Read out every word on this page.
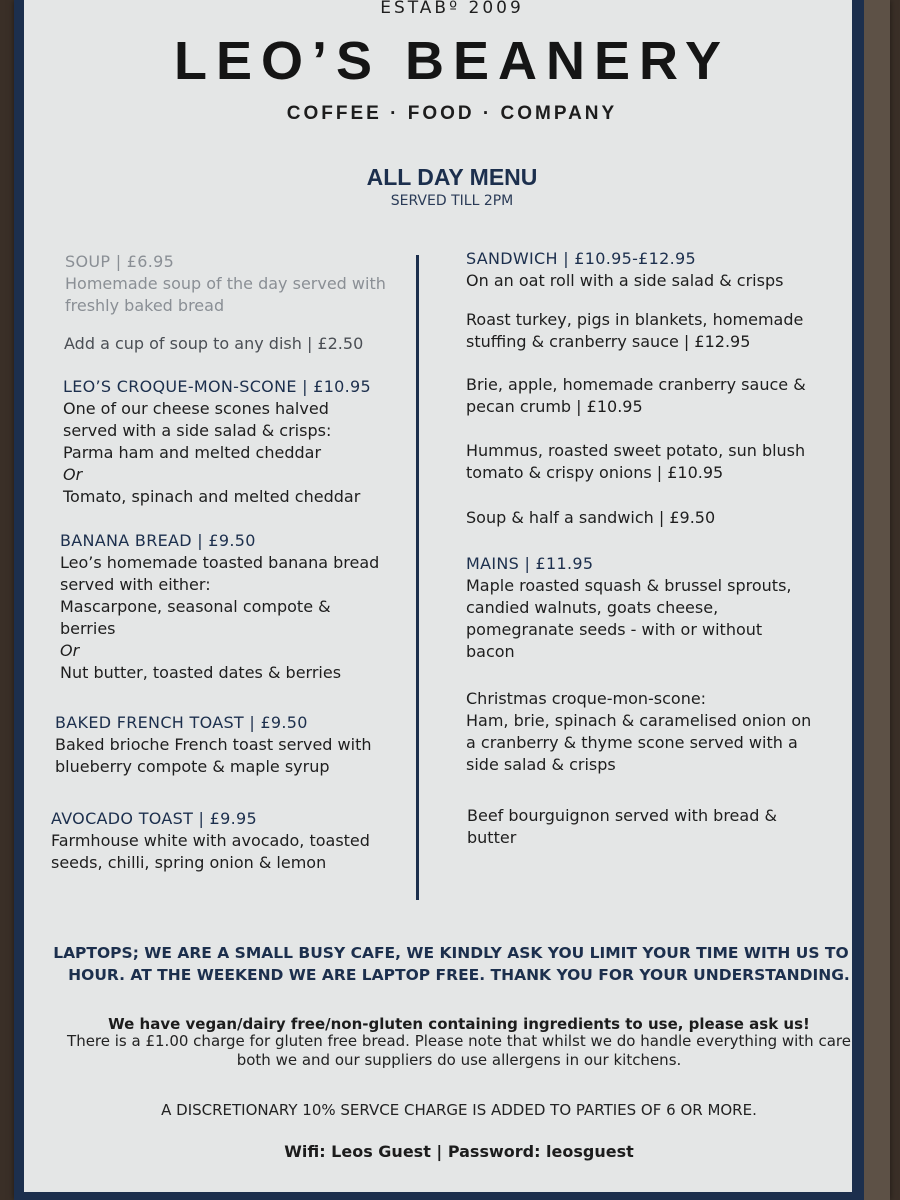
ESTABº 2009
LEO’S BEANERY
COFFEE · FOOD · COMPANY
ALL DAY MENU
SERVED TILL 2PM
SOUP | £6.95
Homemade soup of the day served with
freshly baked bread
Add a cup of soup to any dish | £2.50
LEO’S CROQUE-MON-SCONE | £10.95
One of our cheese scones halved
served with a side salad & crisps:
Parma ham and melted cheddar
Or
Tomato, spinach and melted cheddar
BANANA BREAD | £9.50
Leo’s homemade toasted banana bread
served with either:
Mascarpone, seasonal compote &
berries
Or
Nut butter, toasted dates & berries
BAKED FRENCH TOAST | £9.50
Baked brioche French toast served with
blueberry compote & maple syrup
AVOCADO TOAST | £9.95
Farmhouse white with avocado, toasted
seeds, chilli, spring onion & lemon
SANDWICH | £10.95-£12.95
On an oat roll with a side salad & crisps
Roast turkey, pigs in blankets, homemade
stuffing & cranberry sauce | £12.95
Brie, apple, homemade cranberry sauce &
pecan crumb | £10.95
Hummus, roasted sweet potato, sun blush
tomato & crispy onions | £10.95
Soup & half a sandwich | £9.50
MAINS | £11.95
Maple roasted squash & brussel sprouts,
candied walnuts, goats cheese,
pomegranate seeds - with or without
bacon
Christmas croque-mon-scone:
Ham, brie, spinach & caramelised onion on
a cranberry & thyme scone served with a
side salad & crisps
Beef bourguignon served with bread &
butter
LAPTOPS; WE ARE A SMALL BUSY CAFE, WE KINDLY ASK YOU LIMIT YOUR TIME WITH US TO 1
HOUR. AT THE WEEKEND WE ARE LAPTOP FREE. THANK YOU FOR YOUR UNDERSTANDING.
We have vegan/dairy free/non-gluten containing ingredients to use, please ask us!
There is a £1.00 charge for gluten free bread. Please note that whilst we do handle everything with care
both we and our suppliers do use allergens in our kitchens.
A DISCRETIONARY 10% SERVCE CHARGE IS ADDED TO PARTIES OF 6 OR MORE.
Wifi: Leos Guest | Password: leosguest
